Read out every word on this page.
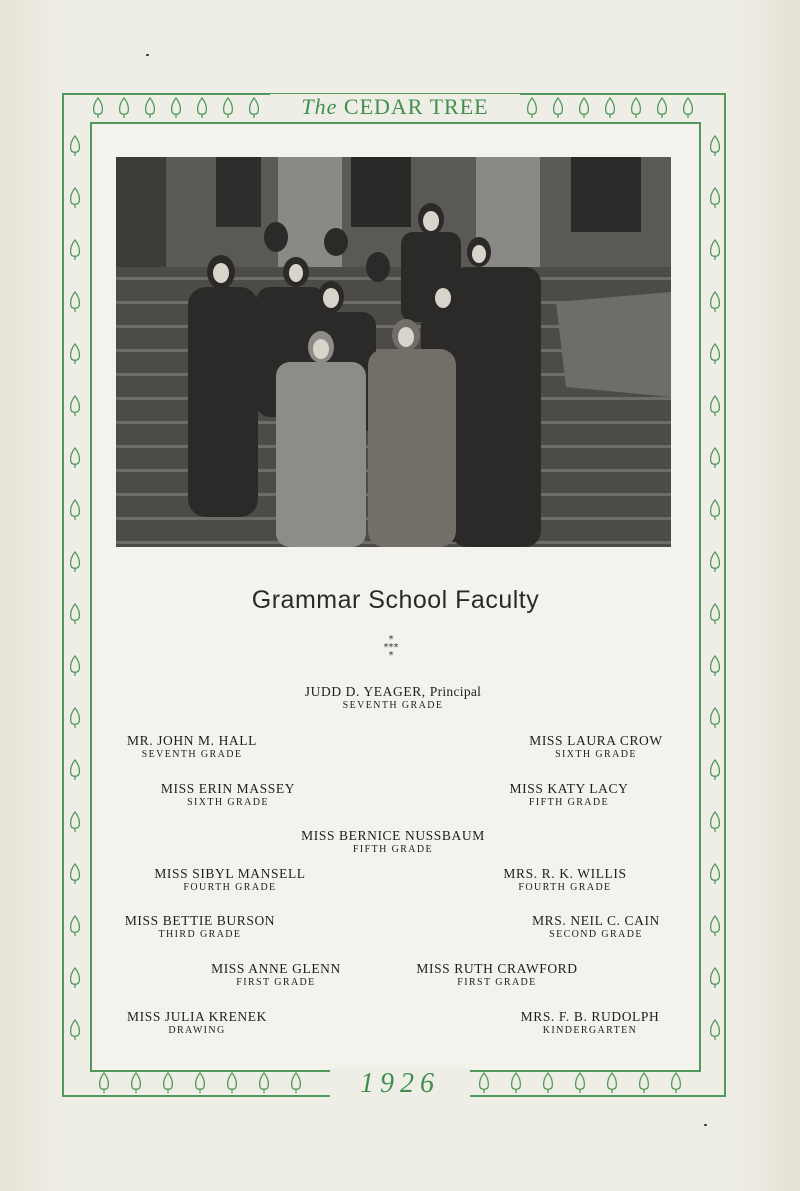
The CEDAR TREE
Grammar School Faculty
*
***
*
JUDD D. YEAGER, Principal
SEVENTH GRADE
MR. JOHN M. HALL
SEVENTH GRADE
MISS LAURA CROW
SIXTH GRADE
MISS ERIN MASSEY
SIXTH GRADE
MISS KATY LACY
FIFTH GRADE
MISS BERNICE NUSSBAUM
FIFTH GRADE
MISS SIBYL MANSELL
FOURTH GRADE
MRS. R. K. WILLIS
FOURTH GRADE
MISS BETTIE BURSON
THIRD GRADE
MRS. NEIL C. CAIN
SECOND GRADE
MISS ANNE GLENN
FIRST GRADE
MISS RUTH CRAWFORD
FIRST GRADE
MISS JULIA KRENEK
DRAWING
MRS. F. B. RUDOLPH
KINDERGARTEN
1926
